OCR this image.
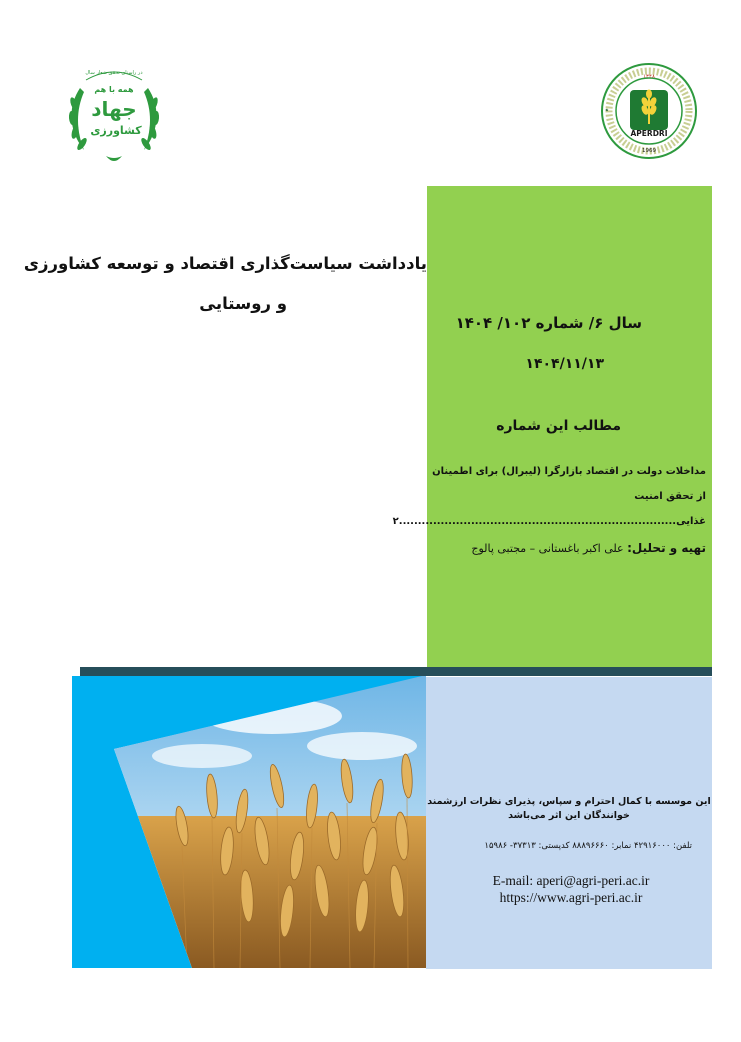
در راستای تحقق شعار سال
همه با هم
جهاد
کشاورزی	APERDRI
۱۳۴۸
1969
e
یادداشت سیاست‌گذاری اقتصاد و توسعه کشاورزی
و روستایی
سال ۶/ شماره ۱۰۲/ ۱۴۰۴
۱۴۰۴/۱۱/۱۳
مطالب این شماره
مداخلات دولت در اقتصاد بازارگرا (لیبرال) برای اطمینان از تحقق امنیت غذایی.........................................................................۲
تهیه و تحلیل: علی اکبر باغستانی – مجتبی پالوج
این موسسه با کمال احترام و سپاس، پذیرای نظرات ارزشمند خوانندگان این اثر می‌باشد
تلفن: ۴۲۹۱۶۰۰۰ نمابر: ۸۸۸۹۶۶۶۰ کدپستی: ۳۷۳۱۳- ۱۵۹۸۶
E-mail: aperi@agri-peri.ac.ir
https://www.agri-peri.ac.ir
